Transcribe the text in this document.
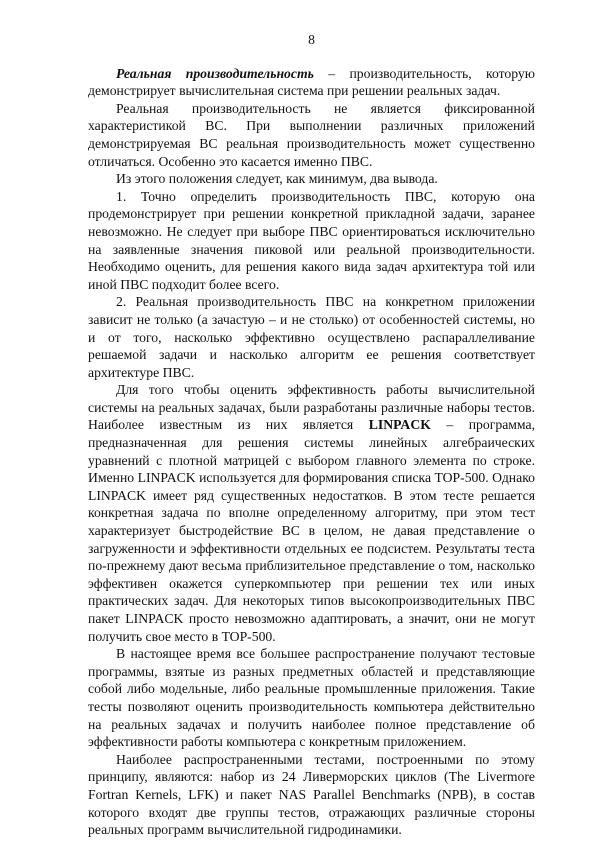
8

Реальная производительность – производительность, которую демонстрирует вычислительная система при решении реальных задач.

Реальная производительность не является фиксированной характеристикой ВС. При выполнении различных приложений демонстрируемая ВС реальная производительность может существенно отличаться. Особенно это касается именно ПВС.

Из этого положения следует, как минимум, два вывода.

1. Точно определить производительность ПВС, которую она продемонстрирует при решении конкретной прикладной задачи, заранее невозможно. Не следует при выборе ПВС ориентироваться исключительно на заявленные значения пиковой или реальной производительности. Необходимо оценить, для решения какого вида задач архитектура той или иной ПВС подходит более всего.

2. Реальная производительность ПВС на конкретном приложении зависит не только (а зачастую – и не столько) от особенностей системы, но и от того, насколько эффективно осуществлено распараллеливание решаемой задачи и насколько алгоритм ее решения соответствует архитектуре ПВС.

Для того чтобы оценить эффективность работы вычислительной системы на реальных задачах, были разработаны различные наборы тестов. Наиболее известным из них является LINPACK – программа, предназначенная для решения системы линейных алгебраических уравнений с плотной матрицей с выбором главного элемента по строке. Именно LINPACK используется для формирования списка TOP-500. Однако LINPACK имеет ряд существенных недостатков. В этом тесте решается конкретная задача по вполне определенному алгоритму, при этом тест характеризует быстродействие ВС в целом, не давая представление о загруженности и эффективности отдельных ее подсистем. Результаты теста по-прежнему дают весьма приблизительное представление о том, насколько эффективен окажется суперкомпьютер при решении тех или иных практических задач. Для некоторых типов высокопроизводительных ПВС пакет LINPACK просто невозможно адаптировать, а значит, они не могут получить свое место в TOP-500.

В настоящее время все большее распространение получают тестовые программы, взятые из разных предметных областей и представляющие собой либо модельные, либо реальные промышленные приложения. Такие тесты позволяют оценить производительность компьютера действительно на реальных задачах и получить наиболее полное представление об эффективности работы компьютера с конкретным приложением.

Наиболее распространенными тестами, построенными по этому принципу, являются: набор из 24 Ливерморских циклов (The Livermore Fortran Kernels, LFK) и пакет NAS Parallel Benchmarks (NPB), в состав которого входят две группы тестов, отражающих различные стороны реальных программ вычислительной гидродинамики.
